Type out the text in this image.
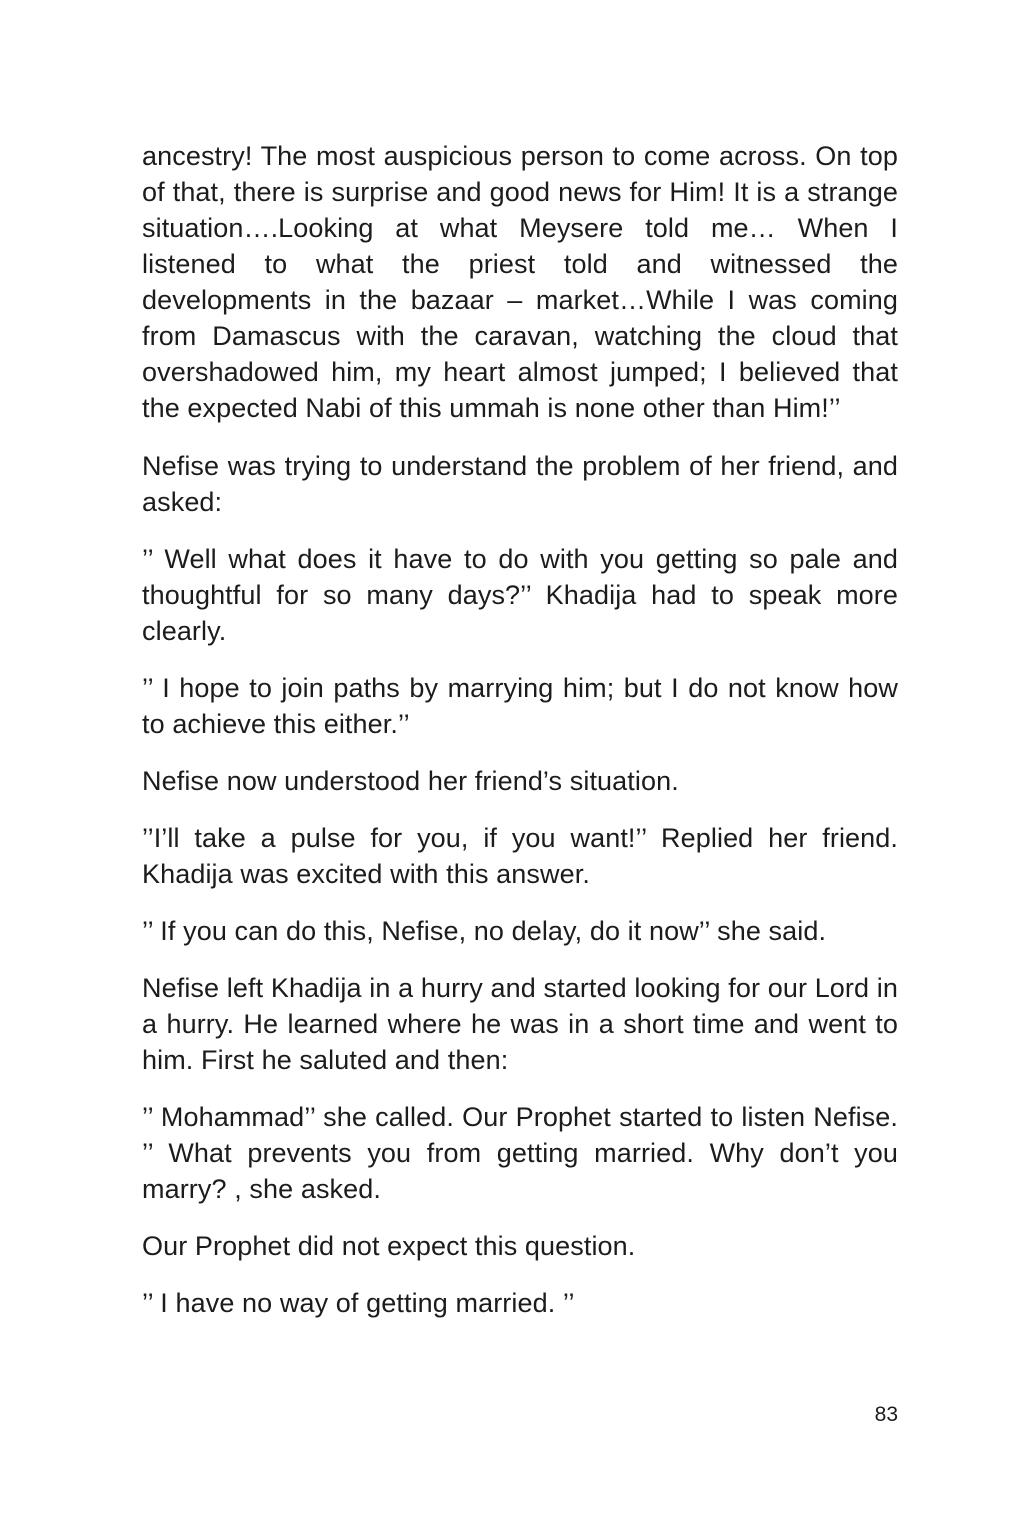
ancestry! The most auspicious person to come across. On top of that, there is surprise and good news for Him! It is a strange situation….Looking at what Meysere told me… When I listened to what the priest told and witnessed the developments in the bazaar – market…While I was coming from Damascus with the caravan, watching the cloud that overshadowed him, my heart almost jumped; I believed that the expected Nabi of this ummah is none other than Him!’’

Nefise was trying to understand the problem of her friend, and asked:

’’ Well what does it have to do with you getting so pale and thoughtful for so many days?’’ Khadija had to speak more clearly.

’’ I hope to join paths by marrying him; but I do not know how to achieve this either.’’

Nefise now understood her friend’s situation.

’’I’ll take a pulse for you, if you want!’’ Replied her friend. Khadija was excited with this answer.

’’ If you can do this, Nefise, no delay, do it now’’ she said.

Nefise left Khadija in a hurry and started looking for our Lord in a hurry. He learned where he was in a short time and went to him. First he saluted and then:

’’ Mohammad’’ she called. Our Prophet started to listen Nefise. ’’ What prevents you from getting married. Why don’t you marry? , she asked.

Our Prophet did not expect this question.

’’ I have no way of getting married. ’’

83
